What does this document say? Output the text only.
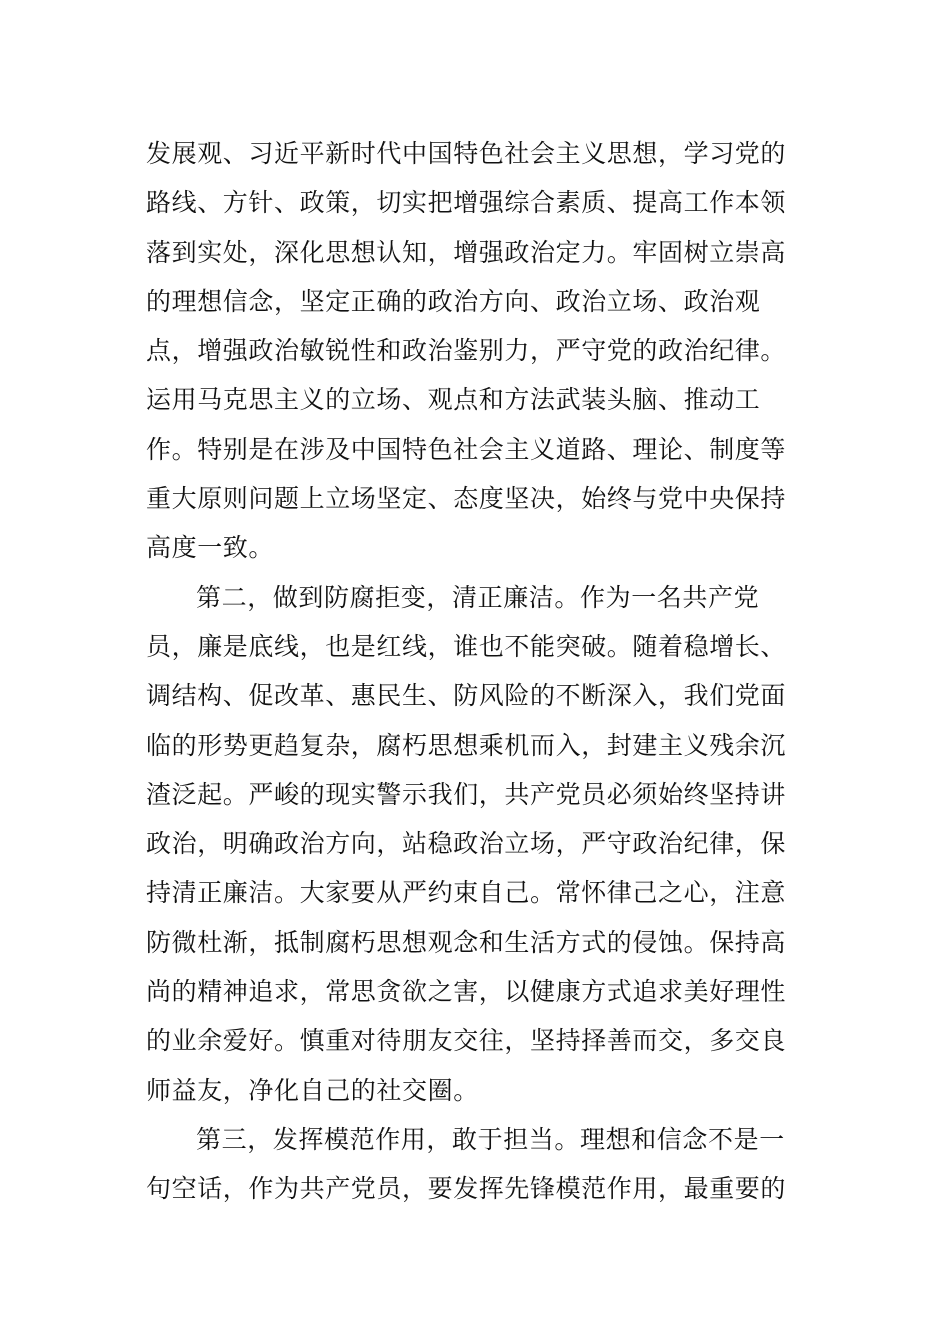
发展观、习近平新时代中国特色社会主义思想，学习党的
路线、方针、政策，切实把增强综合素质、提高工作本领
落到实处，深化思想认知，增强政治定力。牢固树立崇高
的理想信念，坚定正确的政治方向、政治立场、政治观
点，增强政治敏锐性和政治鉴别力，严守党的政治纪律。
运用马克思主义的立场、观点和方法武装头脑、推动工
作。特别是在涉及中国特色社会主义道路、理论、制度等
重大原则问题上立场坚定、态度坚决，始终与党中央保持
高度一致。
第二，做到防腐拒变，清正廉洁。作为一名共产党
员，廉是底线，也是红线，谁也不能突破。随着稳增长、
调结构、促改革、惠民生、防风险的不断深入，我们党面
临的形势更趋复杂，腐朽思想乘机而入，封建主义残余沉
渣泛起。严峻的现实警示我们，共产党员必须始终坚持讲
政治，明确政治方向，站稳政治立场，严守政治纪律，保
持清正廉洁。大家要从严约束自己。常怀律己之心，注意
防微杜渐，抵制腐朽思想观念和生活方式的侵蚀。保持高
尚的精神追求，常思贪欲之害，以健康方式追求美好理性
的业余爱好。慎重对待朋友交往，坚持择善而交，多交良
师益友，净化自己的社交圈。
第三，发挥模范作用，敢于担当。理想和信念不是一
句空话，作为共产党员，要发挥先锋模范作用，最重要的
